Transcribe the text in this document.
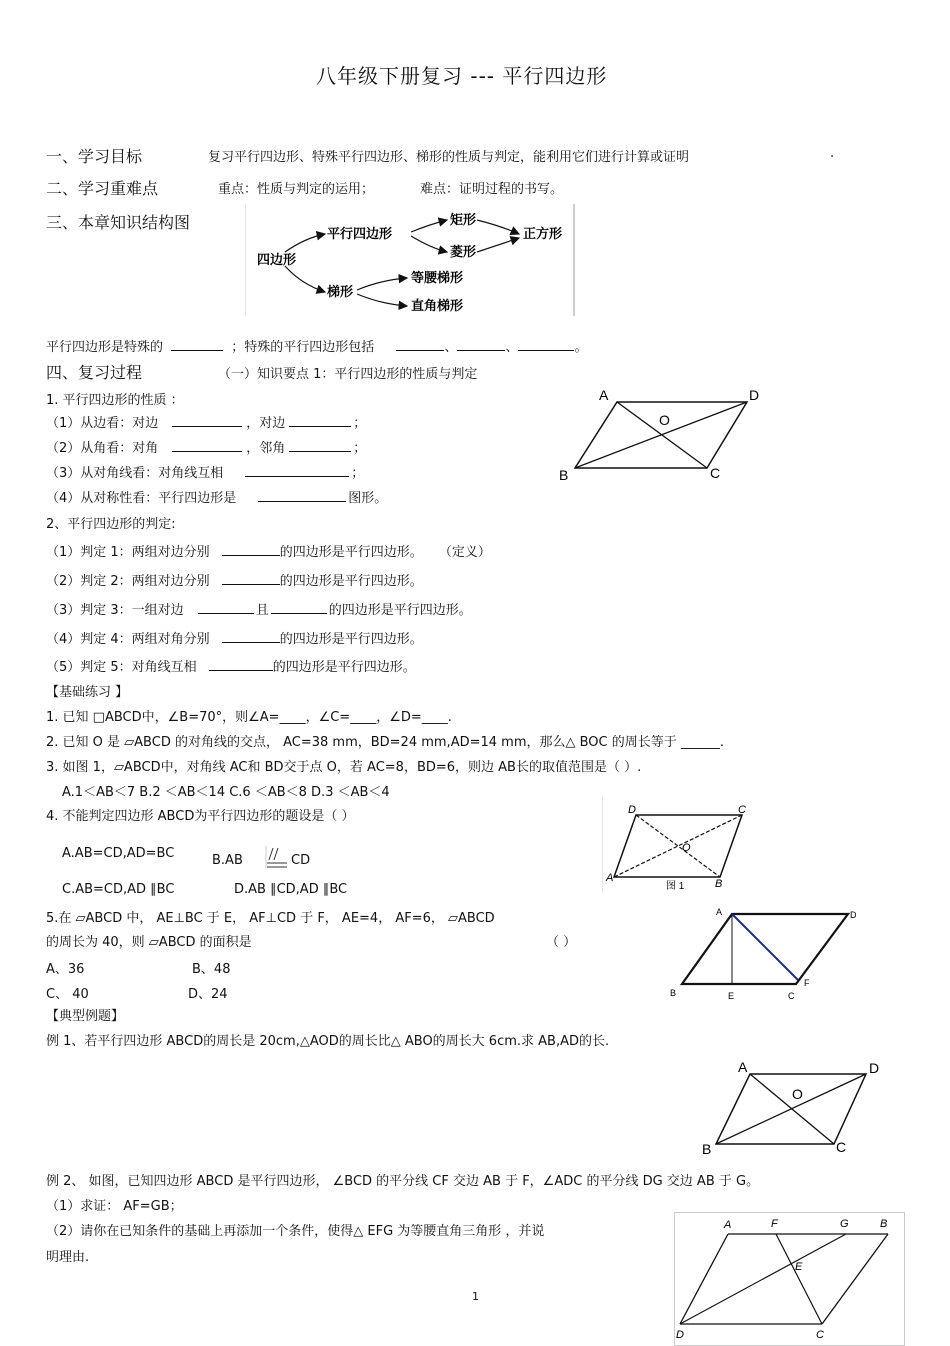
八年级下册复习 --- 平行四边形
一、学习目标	复习平行四边形、特殊平行四边形、梯形的性质与判定，能利用它们进行计算或证明	.
二、学习重难点	重点：性质与判定的运用；	难点：证明过程的书写。
三、本章知识结构图
四边形
平行四边形
矩形
菱形
正方形
梯形
等腰梯形
直角梯形
平行四边形是特殊的	；特殊的平行四边形包括	、	、	。
四、复习过程	（一）知识要点 1：平行四边形的性质与判定
1. 平行四边形的性质 ：
（1）从边看：对边	，对边	；
（2）从角看：对角	，邻角	；
（3）从对角线看：对角线互相	；
（4）从对称性看：平行四边形是	图形。
A	D
B	C
O
2、平行四边形的判定:
（1）判定 1：两组对边分别	的四边形是平行四边形。 （定义）
（2）判定 2：两组对边分别	的四边形是平行四边形。
（3）判定 3：一组对边	且	的四边形是平行四边形。
（4）判定 4：两组对角分别	的四边形是平行四边形。
（5）判定 5：对角线互相	的四边形是平行四边形。
【基础练习 】
1. 已知 □ABCD中，∠B=70°，则∠A=____，∠C=____，∠D=____.
2. 已知 O 是 ▱ABCD 的对角线的交点， AC=38 mm，BD=24 mm,AD=14 mm，那么△ BOC 的周长等于 ______.
3. 如图 1，▱ABCD中，对角线 AC和 BD交于点 O，若 AC=8，BD=6，则边 AB长的取值范围是（ ）.
A.1＜AB＜7 B.2 ＜AB＜14 C.6 ＜AB＜8 D.3 ＜AB＜4
4. 不能判定四边形 ABCD为平行四边形的题设是（ ）
A.AB=CD,AD=BC	B.AB	CD
C.AB=CD,AD ∥BC	D.AB ∥CD,AD ∥BC
D	C
A	B
O
图 1
5.在 ▱ABCD 中， AE⊥BC 于 E， AF⊥CD 于 F， AE=4， AF=6， ▱ABCD
的周长为 40，则 ▱ABCD 的面积是	（ ）
A、36	B、48
C、 40	D、24
A	D
B	E	C
F
【典型例题】
例 1、若平行四边形 ABCD的周长是 20cm,△AOD的周长比△ ABO的周长大 6cm.求 AB,AD的长.
A	D
B	C
O
例 2、 如图，已知四边形 ABCD 是平行四边形， ∠BCD 的平分线 CF 交边 AB 于 F，∠ADC 的平分线 DG 交边 AB 于 G。
（1）求证： AF=GB；
（2）请你在已知条件的基础上再添加一个条件，使得△ EFG 为等腰直角三角形 ，并说
明理由.
A	F	G	B
E
D	C
1
